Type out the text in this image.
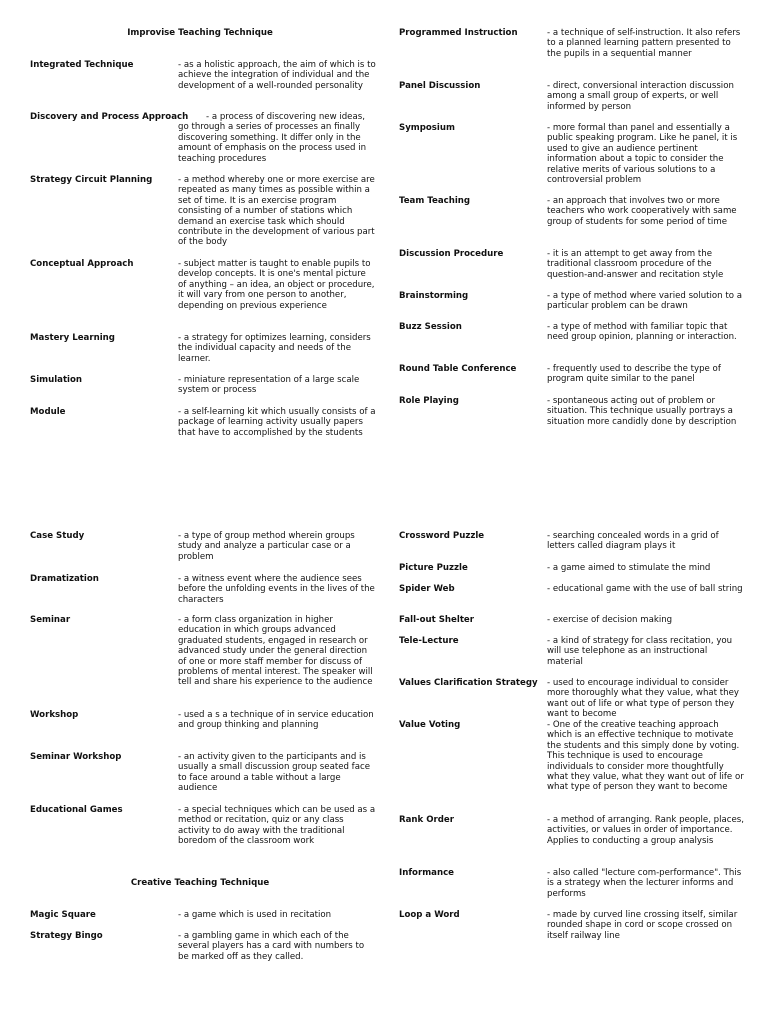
Improvise Teaching Technique
Creative Teaching Technique
Integrated Technique	- as a holistic approach, the aim of which is to achieve the integration of individual and the development of a well-rounded personality
Discovery and Process Approach	- a process of discovering new ideas, go through a series of processes an finally discovering something. It differ only in the amount of emphasis on the process used in teaching procedures
Strategy Circuit Planning	- a method whereby one or more exercise are repeated as many times as possible within a set of time. It is an exercise program consisting of a number of stations which demand an exercise task which should contribute in the development of various part of the body
Conceptual Approach	- subject matter is taught to enable pupils to develop concepts. It is one's mental picture of anything – an idea, an object or procedure, it will vary from one person to another, depending on previous experience
Mastery Learning	- a strategy for optimizes learning, considers the individual capacity and needs of the learner.
Simulation	- miniature representation of a large scale system or process
Module	- a self-learning kit which usually consists of a package of learning activity usually papers that have to accomplished by the students
Programmed Instruction	- a technique of self-instruction. It also refers to a planned learning pattern presented to the pupils in a sequential manner
Panel Discussion	- direct, conversional interaction discussion among a small group of experts, or well informed by person
Symposium	- more formal than panel and essentially a public speaking program. Like he panel, it is used to give an audience pertinent information about a topic to consider the relative merits of various solutions to a controversial problem
Team Teaching	- an approach that involves two or more teachers who work cooperatively with same group of students for some period of time
Discussion Procedure	- it is an attempt to get away from the traditional classroom procedure of the question-and-answer and recitation style
Brainstorming	- a type of method where varied solution to a particular problem can be drawn
Buzz Session	- a type of method with familiar topic that need group opinion, planning or interaction.
Round Table Conference	- frequently used to describe the type of program quite similar to the panel
Role Playing	- spontaneous acting out of problem or situation. This technique usually portrays a situation more candidly done by description
Case Study	- a type of group method wherein groups study and analyze a particular case or a problem
Dramatization	- a witness event where the audience sees before the unfolding events in the lives of the characters
Seminar	- a form class organization in higher education in which groups advanced graduated students, engaged in research or advanced study under the general direction of one or more staff member for discuss of problems of mental interest. The speaker will tell and share his experience to the audience
Workshop	- used a s a technique of in service education and group thinking and planning
Seminar Workshop	- an activity given to the participants and is usually a small discussion group seated face to face around a table without a large audience
Educational Games	- a special techniques which can be used as a method or recitation, quiz or any class activity to do away with the traditional boredom of the classroom work
Magic Square	- a game which is used in recitation
Strategy Bingo	- a gambling game in which each of the several players has a card with numbers to be marked off as they called.
Crossword Puzzle	- searching concealed words in a grid of letters called diagram plays it
Picture Puzzle	- a game aimed to stimulate the mind
Spider Web	- educational game with the use of ball string
Fall-out Shelter	- exercise of decision making
Tele-Lecture	- a kind of strategy for class recitation, you will use telephone as an instructional material
Values Clarification Strategy - used to encourage individual to consider more thoroughly what they value, what they want out of life or what type of person they want to become
Value Voting	- One of the creative teaching approach which is an effective technique to motivate the students and this simply done by voting. This technique is used to encourage individuals to consider more thoughtfully what they value, what they want out of life or what type of person they want to become
Rank Order	- a method of arranging. Rank people, places, activities, or values in order of importance. Applies to conducting a group analysis
Informance	- also called "lecture com-performance". This is a strategy when the lecturer informs and performs
Loop a Word	- made by curved line crossing itself, similar rounded shape in cord or scope crossed on itself railway line
